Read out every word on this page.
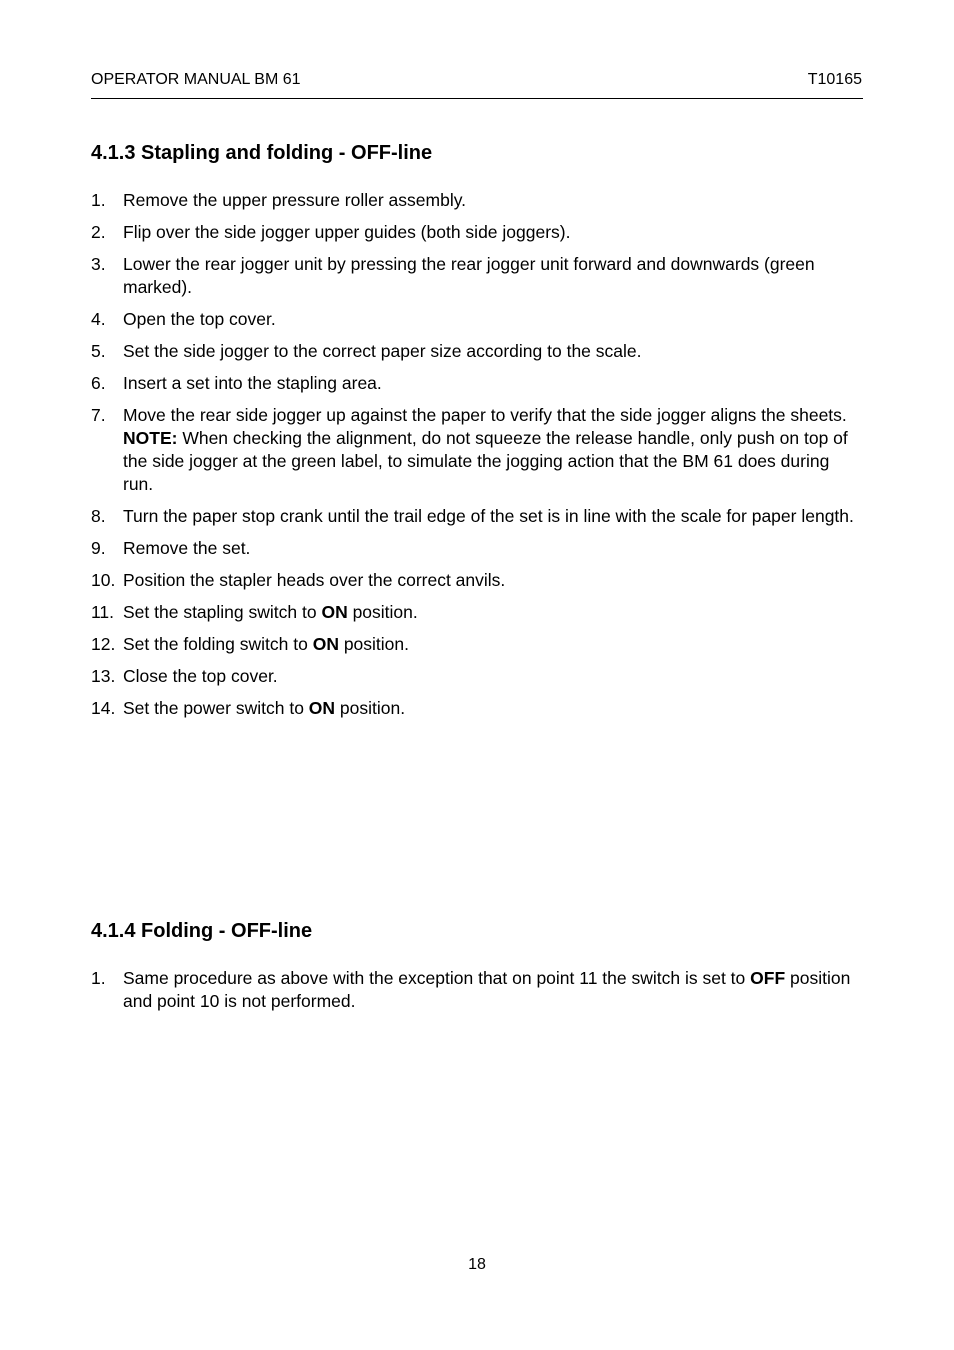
OPERATOR MANUAL BM 61	T10165
4.1.3 Stapling and folding - OFF-line
1. Remove the upper pressure roller assembly.
2. Flip over the side jogger upper guides (both side joggers).
3. Lower the rear jogger unit by pressing the rear jogger unit forward and downwards (green marked).
4. Open the top cover.
5. Set the side jogger to the correct paper size according to the scale.
6. Insert a set into the stapling area.
7. Move the rear side jogger up against the paper to verify that the side jogger aligns the sheets.
NOTE: When checking the alignment, do not squeeze the release handle, only push on top of the side jogger at the green label, to simulate the jogging action that the BM 61 does during run.
8. Turn the paper stop crank until the trail edge of the set is in line with the scale for paper length.
9. Remove the set.
10. Position the stapler heads over the correct anvils.
11. Set the stapling switch to ON position.
12. Set the folding switch to ON position.
13. Close the top cover.
14. Set the power switch to ON position.
4.1.4 Folding - OFF-line
1. Same procedure as above with the exception that on point 11 the switch is set to OFF position and point 10 is not performed.
18
